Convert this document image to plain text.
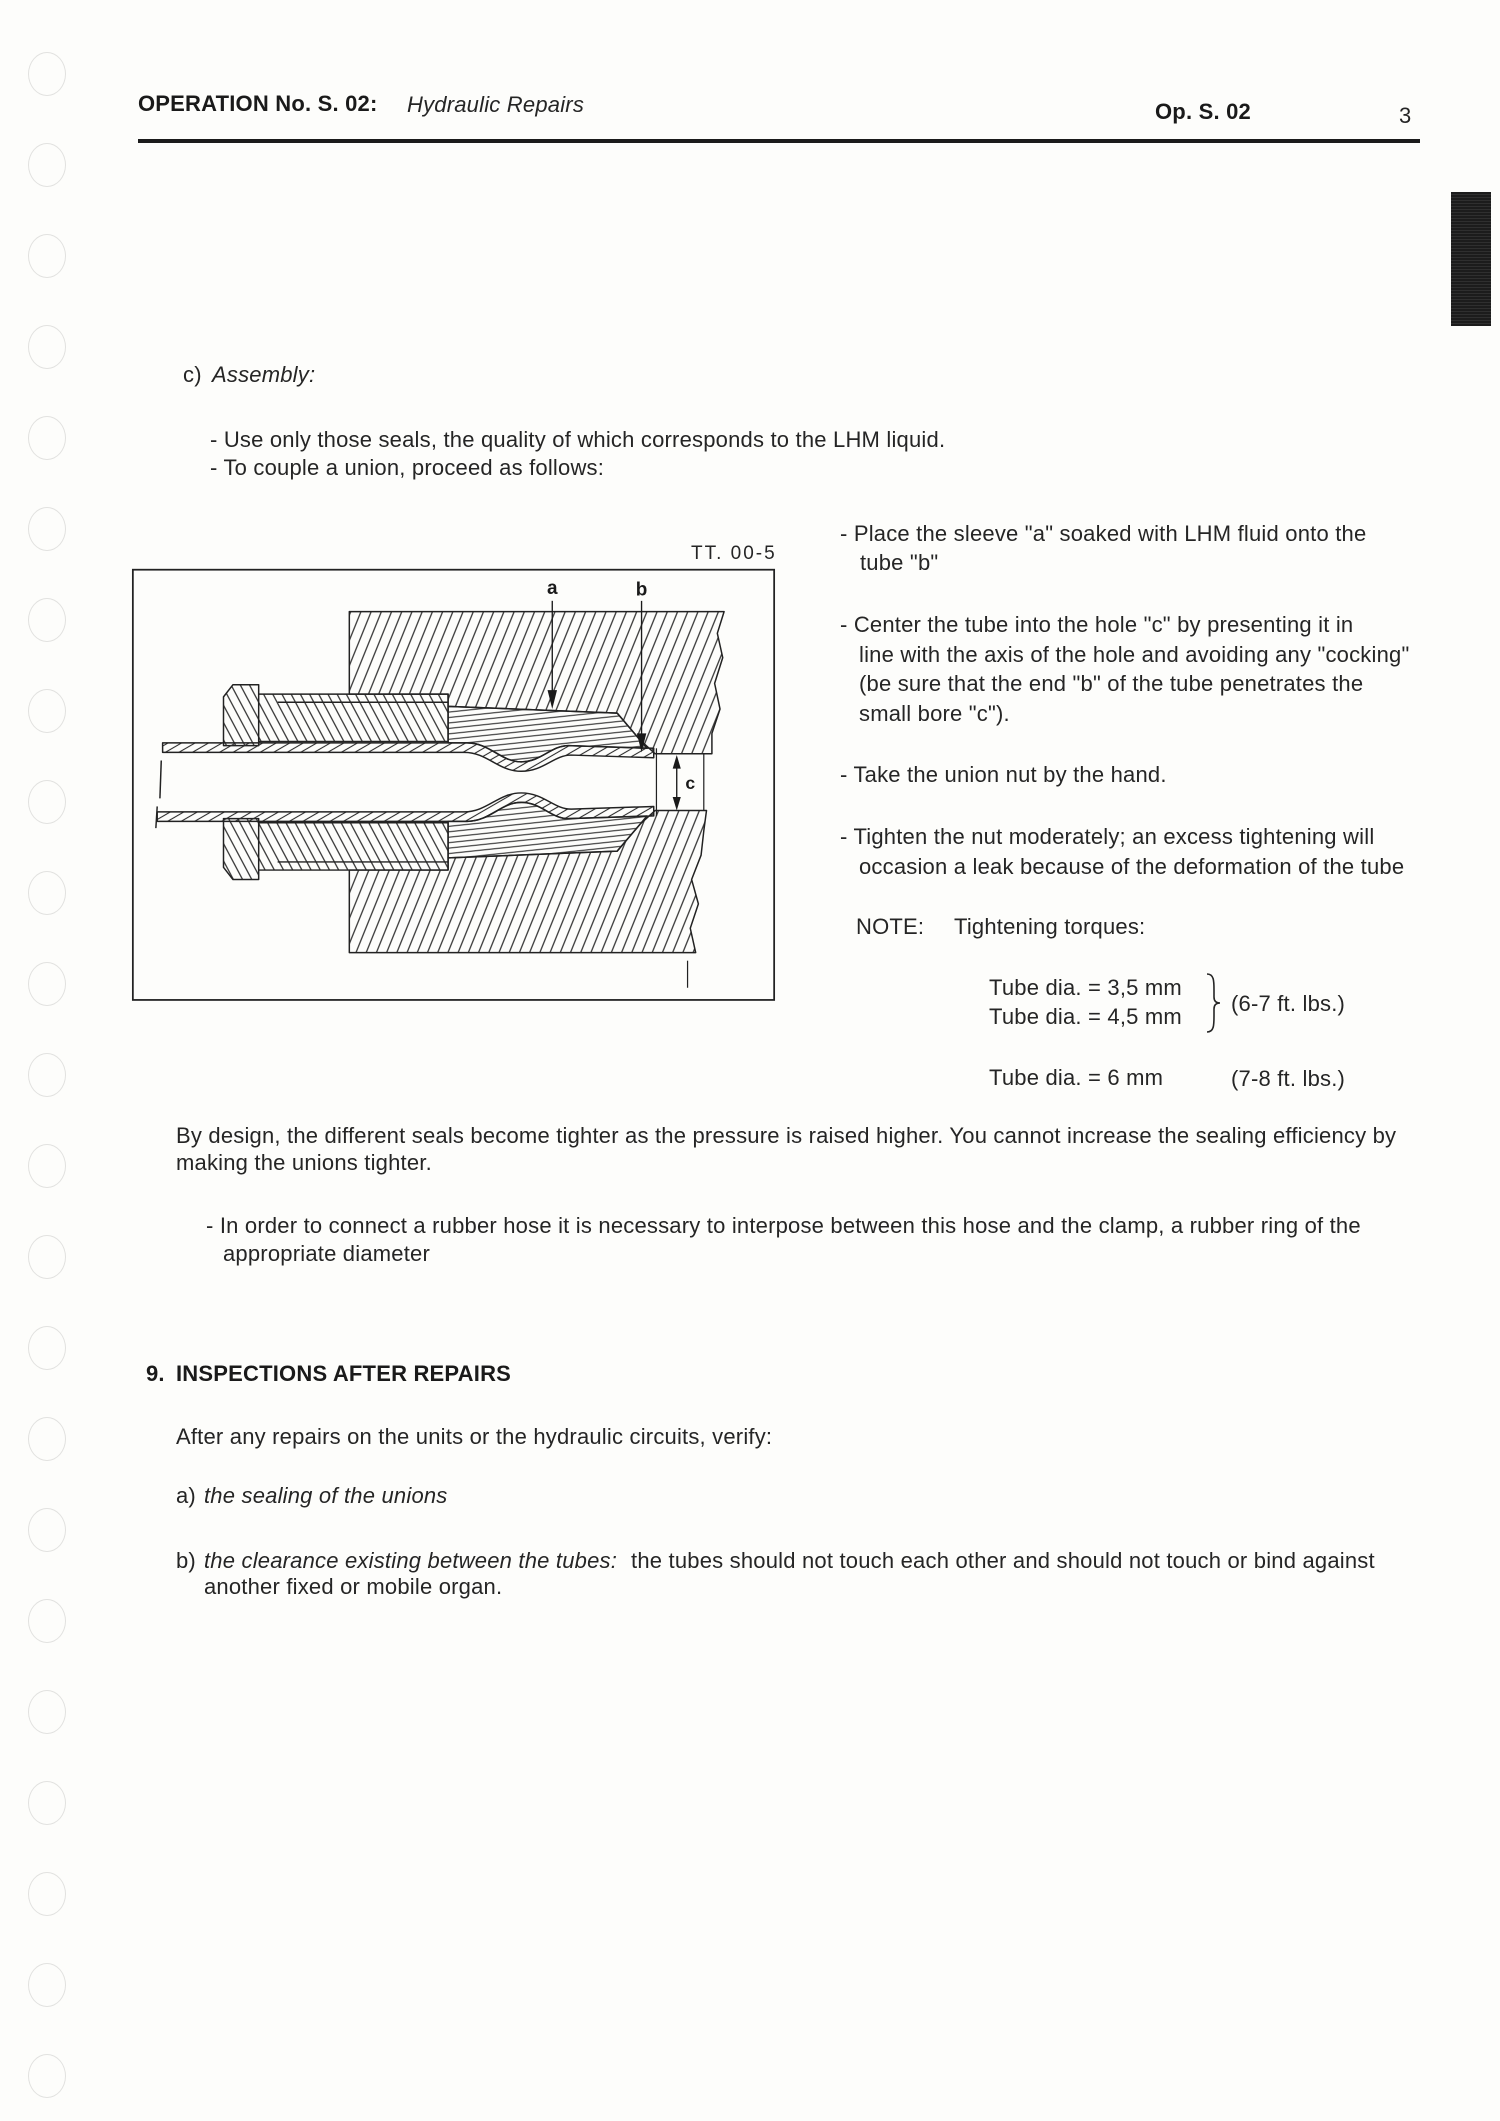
OPERATION No. S. 02: Hydraulic Repairs	Op. S. 02	3
c) Assembly:
- Use only those seals, the quality of which corresponds to the LHM liquid.
- To couple a union, proceed as follows:
TT. 00-5
a	b
c
- Place the sleeve "a" soaked with LHM fluid onto the
tube "b"
- Center the tube into the hole "c" by presenting it in
line with the axis of the hole and avoiding any "cocking"
(be sure that the end "b" of the tube penetrates the
small bore "c").
- Take the union nut by the hand.
- Tighten the nut moderately; an excess tightening will
occasion a leak because of the deformation of the tube
NOTE: Tightening torques:
Tube dia. = 3,5 mm
Tube dia. = 4,5 mm
(6-7 ft. lbs.)
Tube dia. = 6 mm	(7-8 ft. lbs.)
By design, the different seals become tighter as the pressure is raised higher. You cannot increase the sealing efficiency by
making the unions tighter.
- In order to connect a rubber hose it is necessary to interpose between this hose and the clamp, a rubber ring of the
appropriate diameter
9. INSPECTIONS AFTER REPAIRS
After any repairs on the units or the hydraulic circuits, verify:
a) the sealing of the unions
b) the clearance existing between the tubes: the tubes should not touch each other and should not touch or bind against
another fixed or mobile organ.
